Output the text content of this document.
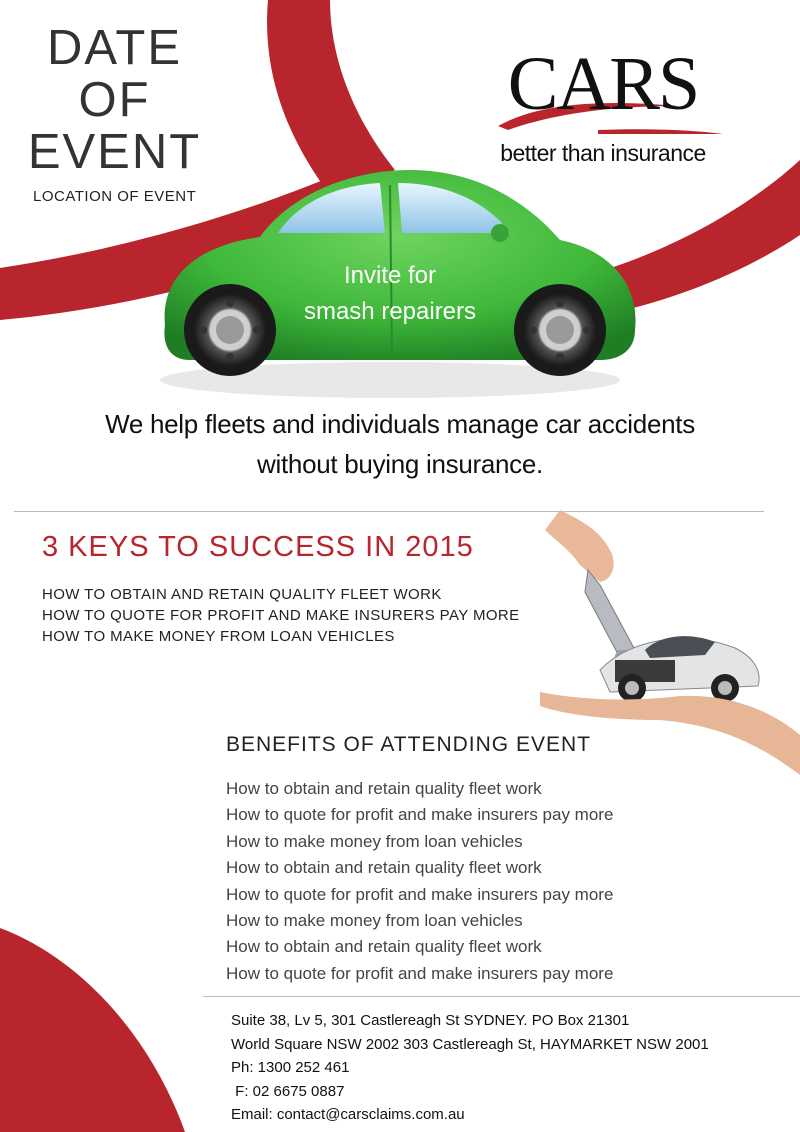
DATE
OF
EVENT
LOCATION OF EVENT
CARS
better than insurance
Invite for
smash repairers
We help fleets and individuals manage car accidents
without buying insurance.
3 KEYS TO SUCCESS IN 2015
HOW TO OBTAIN AND RETAIN QUALITY FLEET WORK
HOW TO QUOTE FOR PROFIT AND MAKE INSURERS PAY MORE
HOW TO MAKE MONEY FROM LOAN VEHICLES
BENEFITS OF ATTENDING EVENT
How to obtain and retain quality fleet work
How to quote for profit and make insurers pay more
How to make money from loan vehicles
How to obtain and retain quality fleet work
How to quote for profit and make insurers pay more
How to make money from loan vehicles
How to obtain and retain quality fleet work
How to quote for profit and make insurers pay more
Suite 38, Lv 5, 301 Castlereagh St SYDNEY. PO Box 21301
World Square NSW 2002 303 Castlereagh St, HAYMARKET NSW 2001
Ph: 1300 252 461
F: 02 6675 0887
Email: contact@carsclaims.com.au
